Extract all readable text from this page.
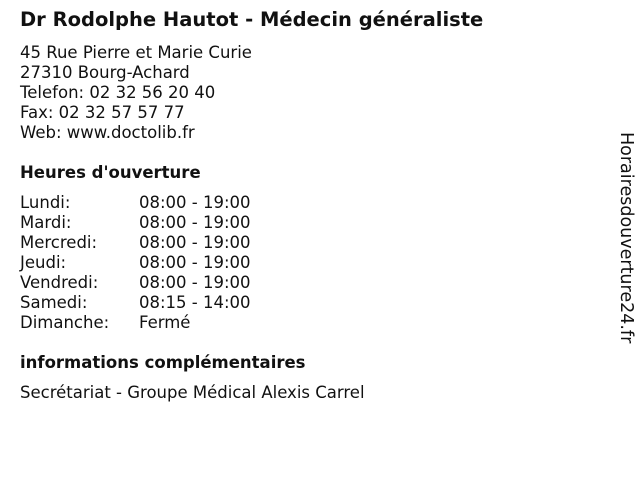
Dr Rodolphe Hautot - Médecin généraliste
45 Rue Pierre et Marie Curie
27310 Bourg-Achard
Telefon: 02 32 56 20 40
Fax: 02 32 57 57 77
Web: www.doctolib.fr
Heures d'ouverture
Lundi:	08:00 - 19:00
Mardi:	08:00 - 19:00
Mercredi:	08:00 - 19:00
Jeudi:	08:00 - 19:00
Vendredi: 08:00 - 19:00
Samedi:	08:15 - 14:00
Dimanche: Fermé
informations complémentaires
Secrétariat - Groupe Médical Alexis Carrel
Horairesdouverture24.fr
